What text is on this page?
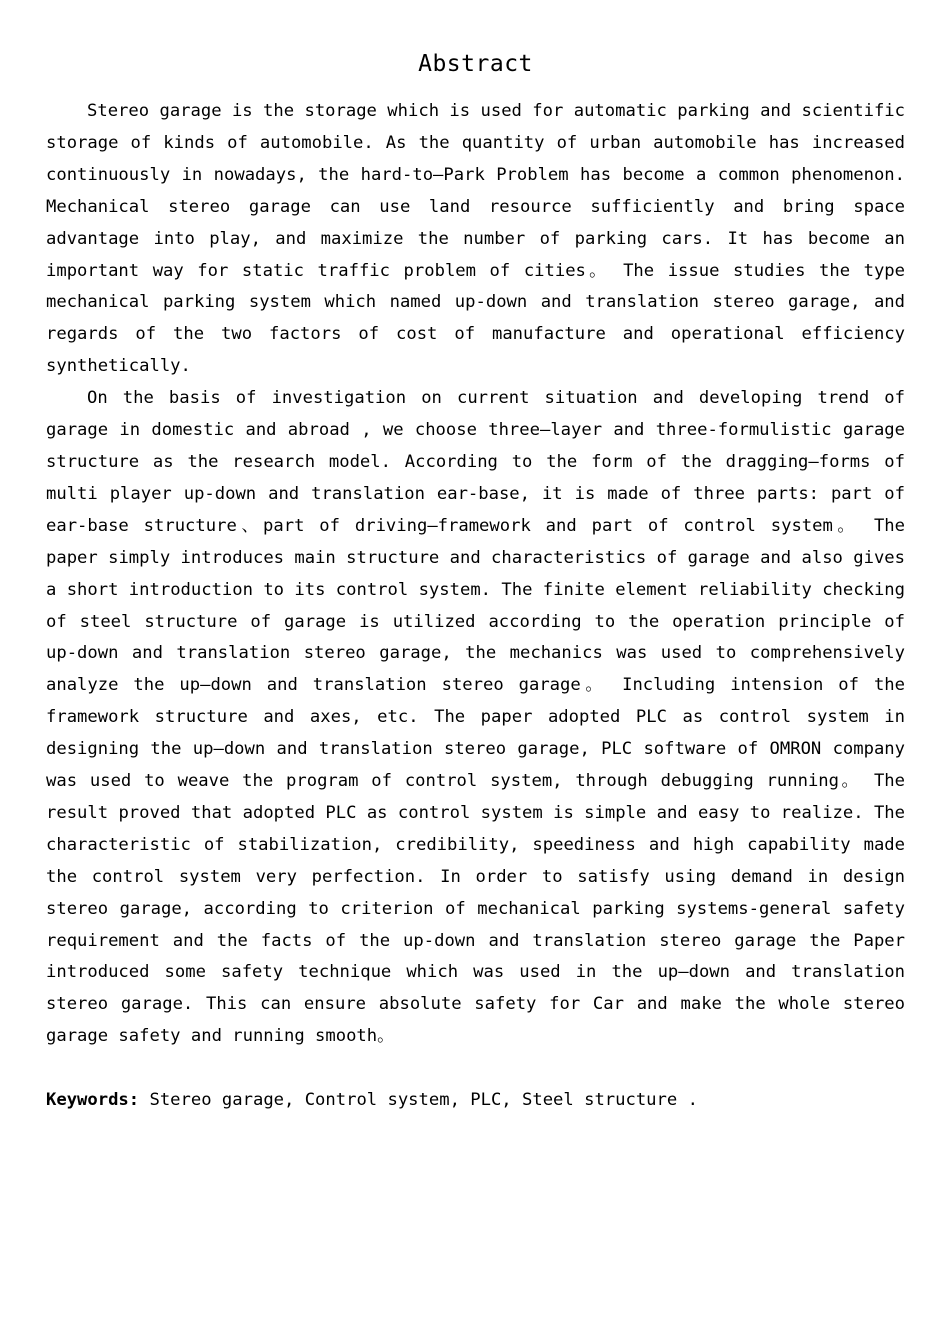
Abstract

Stereo garage is the storage which is used for automatic parking and scientific storage of kinds of automobile. As the quantity of urban automobile has increased continuously in nowadays, the hard-to—Park Problem has become a common phenomenon. Mechanical stereo garage can use land resource sufficiently and bring space advantage into play, and maximize the number of parking cars. It has become an important way for static traffic problem of cities。 The issue studies the type mechanical parking system which named up-down and translation stereo garage, and regards of the two factors of cost of manufacture and operational efficiency synthetically.

On the basis of investigation on current situation and developing trend of garage in domestic and abroad , we choose three—layer and three-formulistic garage structure as the research model. According to the form of the dragging—forms of multi player up-down and translation ear-base, it is made of three parts: part of ear-base structure、part of driving—framework and part of control system。 The paper simply introduces main structure and characteristics of garage and also gives a short introduction to its control system. The finite element reliability checking of steel structure of garage is utilized according to the operation principle of up-down and translation stereo garage, the mechanics was used to comprehensively analyze the up—down and translation stereo garage。 Including intension of the framework structure and axes, etc. The paper adopted PLC as control system in designing the up—down and translation stereo garage, PLC software of OMRON company was used to weave the program of control system, through debugging running。 The result proved that adopted PLC as control system is simple and easy to realize. The characteristic of stabilization, credibility, speediness and high capability made the control system very perfection. In order to satisfy using demand in design stereo garage, according to criterion of mechanical parking systems-general safety requirement and the facts of the up-down and translation stereo garage the Paper introduced some safety technique which was used in the up—down and translation stereo garage. This can ensure absolute safety for Car and make the whole stereo garage safety and running smooth。

Keywords: Stereo garage, Control system, PLC, Steel structure .
